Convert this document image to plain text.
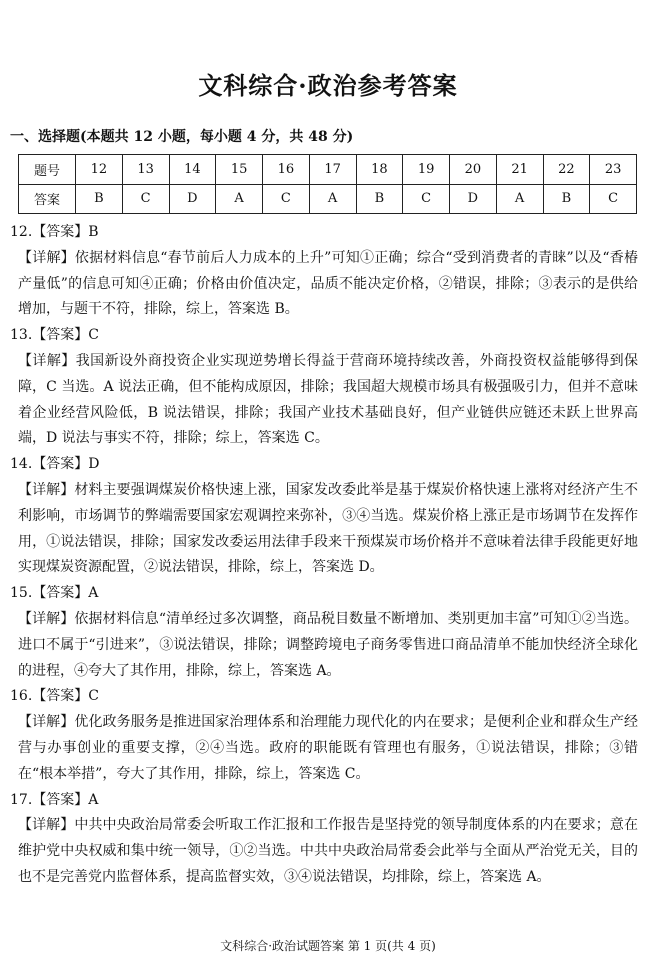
文科综合·政治参考答案
一、选择题(本题共 12 小题，每小题 4 分，共 48 分)
题号	12	13	14	15	16	17	18	19	20	21	22	23
答案	B	C	D	A	C	A	B	C	D	A	B	C
12.【答案】B
【详解】依据材料信息“春节前后人力成本的上升”可知①正确；综合“受到消费者的青睐”以及“香椿产量低”的信息可知④正确；价格由价值决定，品质不能决定价格，②错误，排除；③表示的是供给增加，与题干不符，排除，综上，答案选 B。
13.【答案】C
【详解】我国新设外商投资企业实现逆势增长得益于营商环境持续改善，外商投资权益能够得到保障，C 当选。A 说法正确，但不能构成原因，排除；我国超大规模市场具有极强吸引力，但并不意味着企业经营风险低，B 说法错误，排除；我国产业技术基础良好，但产业链供应链还未跃上世界高端，D 说法与事实不符，排除；综上，答案选 C。
14.【答案】D
【详解】材料主要强调煤炭价格快速上涨，国家发改委此举是基于煤炭价格快速上涨将对经济产生不利影响，市场调节的弊端需要国家宏观调控来弥补，③④当选。煤炭价格上涨正是市场调节在发挥作用，①说法错误，排除；国家发改委运用法律手段来干预煤炭市场价格并不意味着法律手段能更好地实现煤炭资源配置，②说法错误，排除，综上，答案选 D。
15.【答案】A
【详解】依据材料信息“清单经过多次调整，商品税目数量不断增加、类别更加丰富”可知①②当选。进口不属于“引进来”，③说法错误，排除；调整跨境电子商务零售进口商品清单不能加快经济全球化的进程，④夸大了其作用，排除，综上，答案选 A。
16.【答案】C
【详解】优化政务服务是推进国家治理体系和治理能力现代化的内在要求；是便利企业和群众生产经营与办事创业的重要支撑，②④当选。政府的职能既有管理也有服务，①说法错误，排除；③错在“根本举措”，夸大了其作用，排除，综上，答案选 C。
17.【答案】A
【详解】中共中央政治局常委会听取工作汇报和工作报告是坚持党的领导制度体系的内在要求；意在维护党中央权威和集中统一领导，①②当选。中共中央政治局常委会此举与全面从严治党无关，目的也不是完善党内监督体系，提高监督实效，③④说法错误，均排除，综上，答案选 A。
文科综合·政治试题答案 第 1 页(共 4 页)
